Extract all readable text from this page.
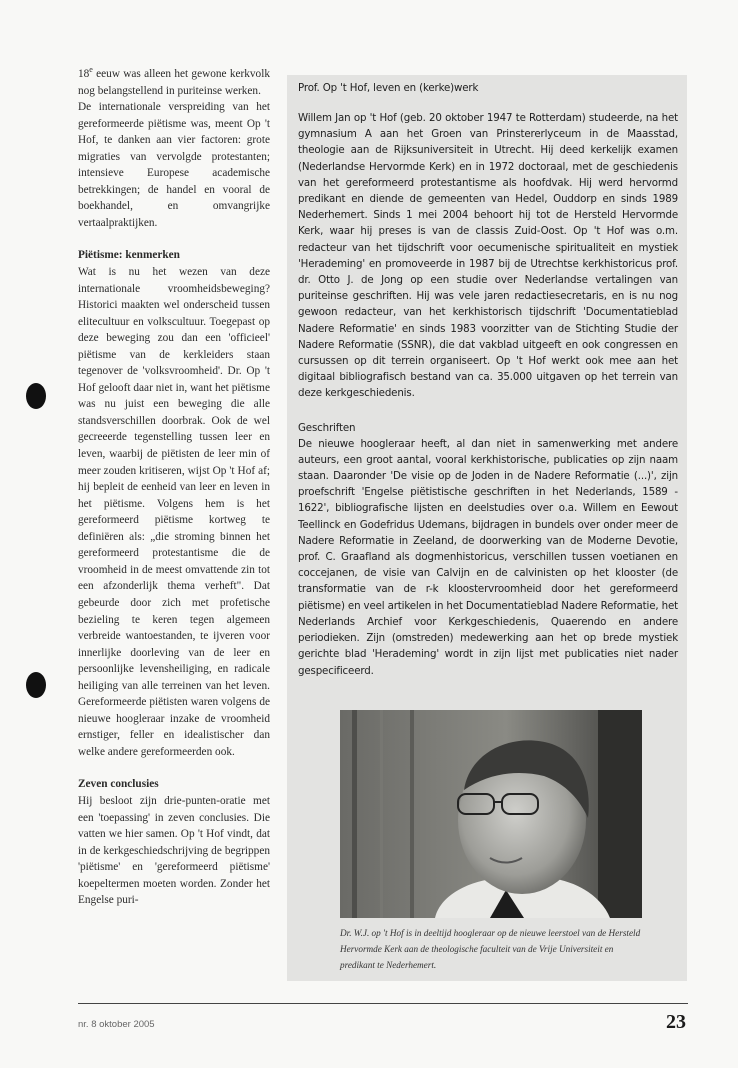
18e eeuw was alleen het gewone kerkvolk nog belangstellend in puriteinse werken.

De internationale verspreiding van het gereformeerde piëtisme was, meent Op 't Hof, te danken aan vier factoren: grote migraties van vervolgde protestanten; intensieve Europese academische betrekkingen; de handel en vooral de boekhandel, en omvangrijke vertaalpraktijken.

Piëtisme: kenmerken

Wat is nu het wezen van deze internationale vroomheidsbeweging? Historici maakten wel onderscheid tussen elitecultuur en volkscultuur. Toegepast op deze beweging zou dan een 'officieel' piëtisme van de kerkleiders staan tegenover de 'volksvroomheid'. Dr. Op 't Hof gelooft daar niet in, want het piëtisme was nu juist een beweging die alle standsverschillen doorbrak. Ook de wel gecreeerde tegenstelling tussen leer en leven, waarbij de piëtisten de leer min of meer zouden kritiseren, wijst Op 't Hof af; hij bepleit de eenheid van leer en leven in het piëtisme. Volgens hem is het gereformeerd piëtisme kortweg te definiëren als: „die stroming binnen het gereformeerd protestantisme die de vroomheid in de meest omvattende zin tot een afzonderlijk thema verheft". Dat gebeurde door zich met profetische bezieling te keren tegen algemeen verbreide wantoestanden, te ijveren voor innerlijke doorleving van de leer en persoonlijke levensheiliging, en radicale heiliging van alle terreinen van het leven. Gereformeerde piëtisten waren volgens de nieuwe hoogleraar inzake de vroomheid ernstiger, feller en idealistischer dan welke andere gereformeerden ook.

Zeven conclusies

Hij besloot zijn drie-punten-oratie met een 'toepassing' in zeven conclusies. Die vatten we hier samen. Op 't Hof vindt, dat in de kerkgeschiedschrijving de begrippen 'piëtisme' en 'gereformeerd piëtisme' koepeltermen moeten worden. Zonder het Engelse puri-

Prof. Op 't Hof, leven en (kerke)werk

Willem Jan op 't Hof (geb. 20 oktober 1947 te Rotterdam) studeerde, na het gymnasium A aan het Groen van Prinstererlyceum in de Maasstad, theologie aan de Rijksuniversiteit in Utrecht. Hij deed kerkelijk examen (Nederlandse Hervormde Kerk) en in 1972 doctoraal, met de geschiedenis van het gereformeerd protestantisme als hoofdvak. Hij werd hervormd predikant en diende de gemeenten van Hedel, Ouddorp en sinds 1989 Nederhemert. Sinds 1 mei 2004 behoort hij tot de Hersteld Hervormde Kerk, waar hij preses is van de classis Zuid-Oost. Op 't Hof was o.m. redacteur van het tijdschrift voor oecumenische spiritualiteit en mystiek 'Herademing' en promoveerde in 1987 bij de Utrechtse kerkhistoricus prof. dr. Otto J. de Jong op een studie over Nederlandse vertalingen van puriteinse geschriften. Hij was vele jaren redactiesecretaris, en is nu nog gewoon redacteur, van het kerkhistorisch tijdschrift 'Documentatieblad Nadere Reformatie' en sinds 1983 voorzitter van de Stichting Studie der Nadere Reformatie (SSNR), die dat vakblad uitgeeft en ook congressen en cursussen op dit terrein organiseert. Op 't Hof werkt ook mee aan het digitaal bibliografisch bestand van ca. 35.000 uitgaven op het terrein van deze kerkgeschiedenis.

Geschriften

De nieuwe hoogleraar heeft, al dan niet in samenwerking met andere auteurs, een groot aantal, vooral kerkhistorische, publicaties op zijn naam staan. Daaronder 'De visie op de Joden in de Nadere Reformatie (...)', zijn proefschrift 'Engelse piëtistische geschriften in het Nederlands, 1589 - 1622', bibliografische lijsten en deelstudies over o.a. Willem en Eewout Teellinck en Godefridus Udemans, bijdragen in bundels over onder meer de Nadere Reformatie in Zeeland, de doorwerking van de Moderne Devotie, prof. C. Graafland als dogmenhistoricus, verschillen tussen voetianen en coccejanen, de visie van Calvijn en de calvinisten op het klooster (de transformatie van de r-k kloostervroomheid door het gereformeerd piëtisme) en veel artikelen in het Documentatieblad Nadere Reformatie, het Nederlands Archief voor Kerkgeschiedenis, Quaerendo en andere periodieken. Zijn (omstreden) medewerking aan het op brede mystiek gerichte blad 'Herademing' wordt in zijn lijst met publicaties niet nader gespecificeerd.

Dr. W.J. op 't Hof is in deeltijd hoogleraar op de nieuwe leerstoel van de Hersteld Hervormde Kerk aan de theologische faculteit van de Vrije Universiteit en predikant te Nederhemert.
nr. 8 oktober 2005	23
